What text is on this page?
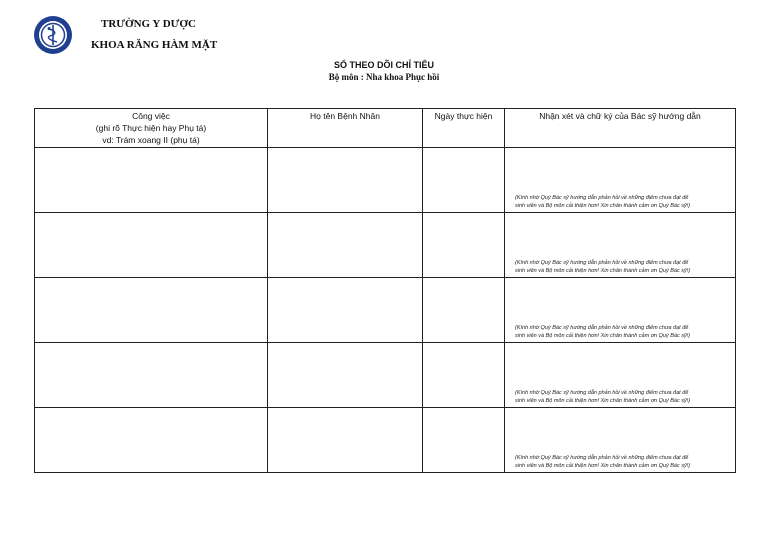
TRƯỜNG Y DƯỢC
KHOA RĂNG HÀM MẶT
SỔ THEO DÕI CHỈ TIÊU
Bộ môn : Nha khoa Phục hồi
Công việc
(ghi rõ Thực hiện hay Phụ tá)
vd: Trám xoang II (phụ tá)	Họ tên Bệnh Nhân	Ngày thực hiện	Nhận xét và chữ ký của Bác sỹ hướng dẫn

			(Kính nhờ Quý Bác sỹ hướng dẫn phản hồi về những điểm chưa đạt để
sinh viên và Bộ môn cải thiện hơn! Xin chân thành cảm ơn Quý Bác sỹ!)

			(Kính nhờ Quý Bác sỹ hướng dẫn phản hồi về những điểm chưa đạt để
sinh viên và Bộ môn cải thiện hơn! Xin chân thành cảm ơn Quý Bác sỹ!)

			(Kính nhờ Quý Bác sỹ hướng dẫn phản hồi về những điểm chưa đạt để
sinh viên và Bộ môn cải thiện hơn! Xin chân thành cảm ơn Quý Bác sỹ!)

			(Kính nhờ Quý Bác sỹ hướng dẫn phản hồi về những điểm chưa đạt để
sinh viên và Bộ môn cải thiện hơn! Xin chân thành cảm ơn Quý Bác sỹ!)

			(Kính nhờ Quý Bác sỹ hướng dẫn phản hồi về những điểm chưa đạt để
sinh viên và Bộ môn cải thiện hơn! Xin chân thành cảm ơn Quý Bác sỹ!)
